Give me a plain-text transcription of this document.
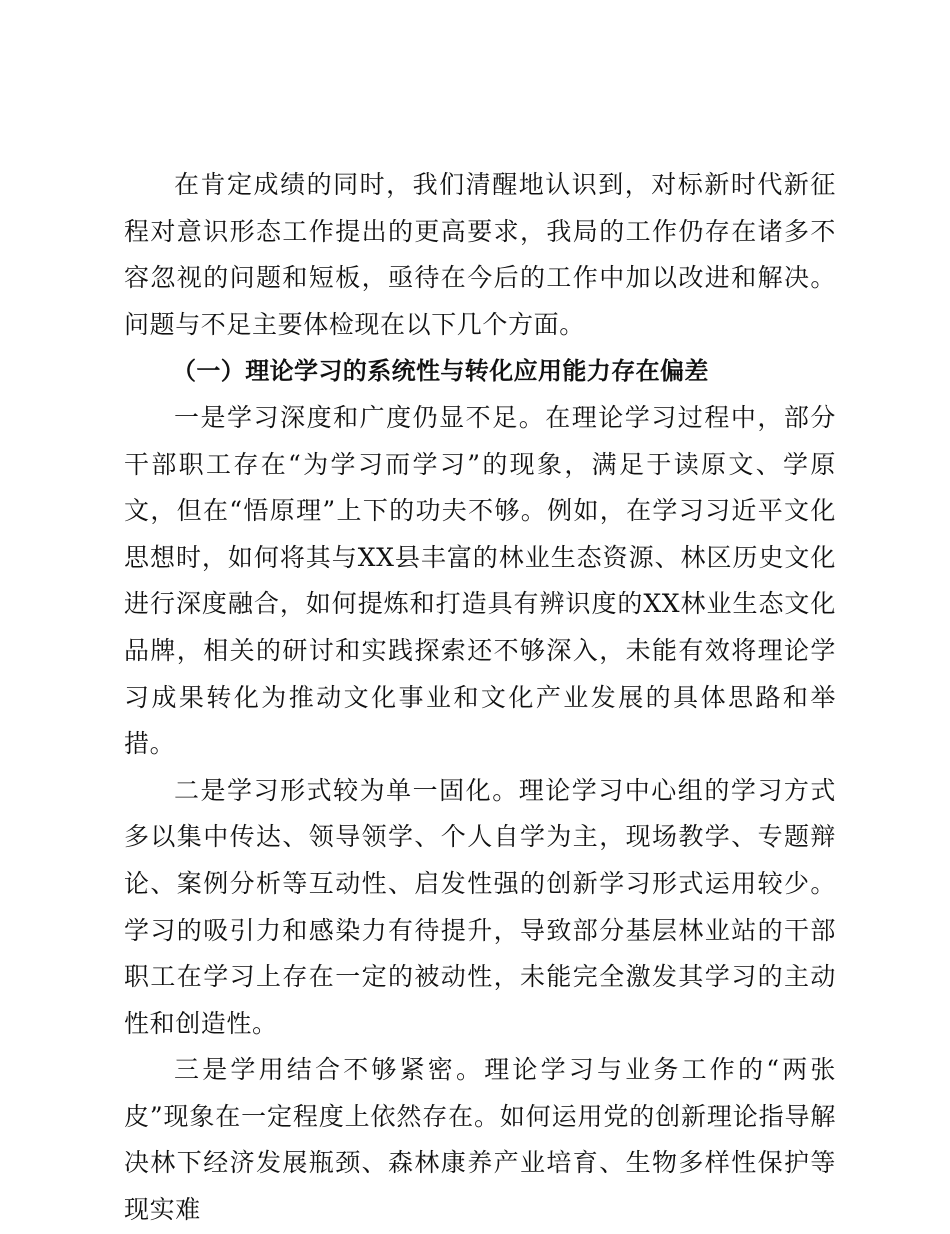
在肯定成绩的同时，我们清醒地认识到，对标新时代新征程对意识形态工作提出的更高要求，我局的工作仍存在诸多不容忽视的问题和短板，亟待在今后的工作中加以改进和解决。问题与不足主要体检现在以下几个方面。

（一）理论学习的系统性与转化应用能力存在偏差

一是学习深度和广度仍显不足。在理论学习过程中，部分干部职工存在“为学习而学习”的现象，满足于读原文、学原文，但在“悟原理”上下的功夫不够。例如，在学习习近平文化思想时，如何将其与XX县丰富的林业生态资源、林区历史文化进行深度融合，如何提炼和打造具有辨识度的XX林业生态文化品牌，相关的研讨和实践探索还不够深入，未能有效将理论学习成果转化为推动文化事业和文化产业发展的具体思路和举措。

二是学习形式较为单一固化。理论学习中心组的学习方式多以集中传达、领导领学、个人自学为主，现场教学、专题辩论、案例分析等互动性、启发性强的创新学习形式运用较少。学习的吸引力和感染力有待提升，导致部分基层林业站的干部职工在学习上存在一定的被动性，未能完全激发其学习的主动性和创造性。

三是学用结合不够紧密。理论学习与业务工作的“两张皮”现象在一定程度上依然存在。如何运用党的创新理论指导解决林下经济发展瓶颈、森林康养产业培育、生物多样性保护等现实难
